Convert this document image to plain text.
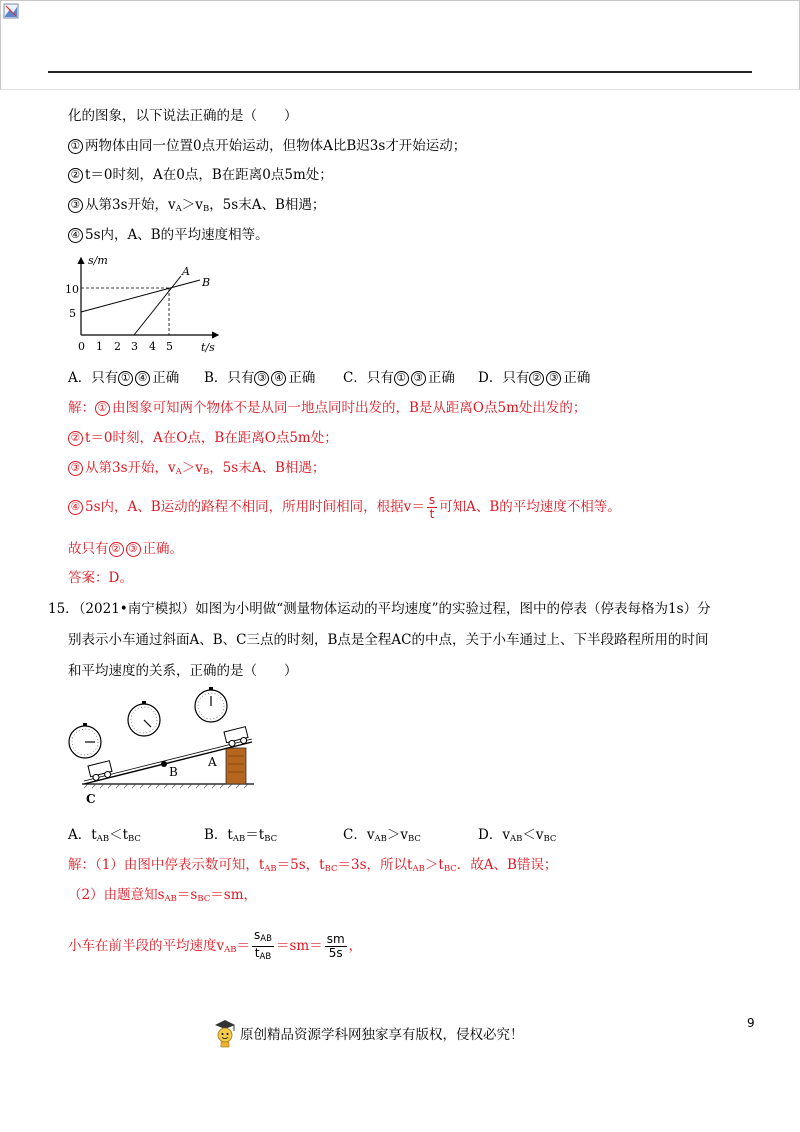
化的图象，以下说法正确的是（　　）
① 两物体由同一位置0点开始运动，但物体A比B迟3s才开始运动；
② t＝0时刻，A在0点，B在距离0点5m处；
③ 从第3s开始，$v_A>v_B$，5s末A、B相遇；
④ 5s内，A、B的平均速度相等。
s/m
t/s
10
5
0 1 2 3 4 5
A
B
A．只有 ① ④ 正确 B．只有 ③ ④ 正确 C．只有 ① ③ 正确 D．只有 ② ③ 正确
解： ① 由图象可知两个物体不是从同一地点同时出发的，B是从距离O点5m处出发的；
② t＝0时刻，A在O点，B在距离O点5m处；
③ 从第3s开始，$v_A>v_B$，5s末A、B相遇；
④ 5s内，A、B运动的路程不相同，所用时间相同，根据$v= \frac{s}{t}$ 可知A、B的平均速度不相等。
故只有 ② ③ 正确。
答案：D。
15．（2021•南宁模拟）如图为小明做“测量物体运动的平均速度”的实验过程，图中的停表（停表每格为1s）分
别表示小车通过斜面A、B、C三点的时刻，B点是全程AC的中点，关于小车通过上、下半段路程所用的时间
和平均速度的关系，正确的是（　　）
B
A
C
A．$t_{AB}<t_{BC}$	B．$t_{AB}=t_{BC}$	C．$v_{AB}>v_{BC}$	D．$v_{AB}<v_{BC}$
解：（1）由图中停表示数可知，$t_{AB}=5s$，$t_{BC}=3s$，所以$t_{AB}>t_{BC}$．故A、B错误；
（2）由题意知$s_{AB}=s_{BC}=sm$，
小车在前半段的平均速度$v_{AB}= \frac{s_{AB}}{t_{AB}} =sm= \frac{sm}{5s}$ ，
原创精品资源学科网独家享有版权，侵权必究！
9
